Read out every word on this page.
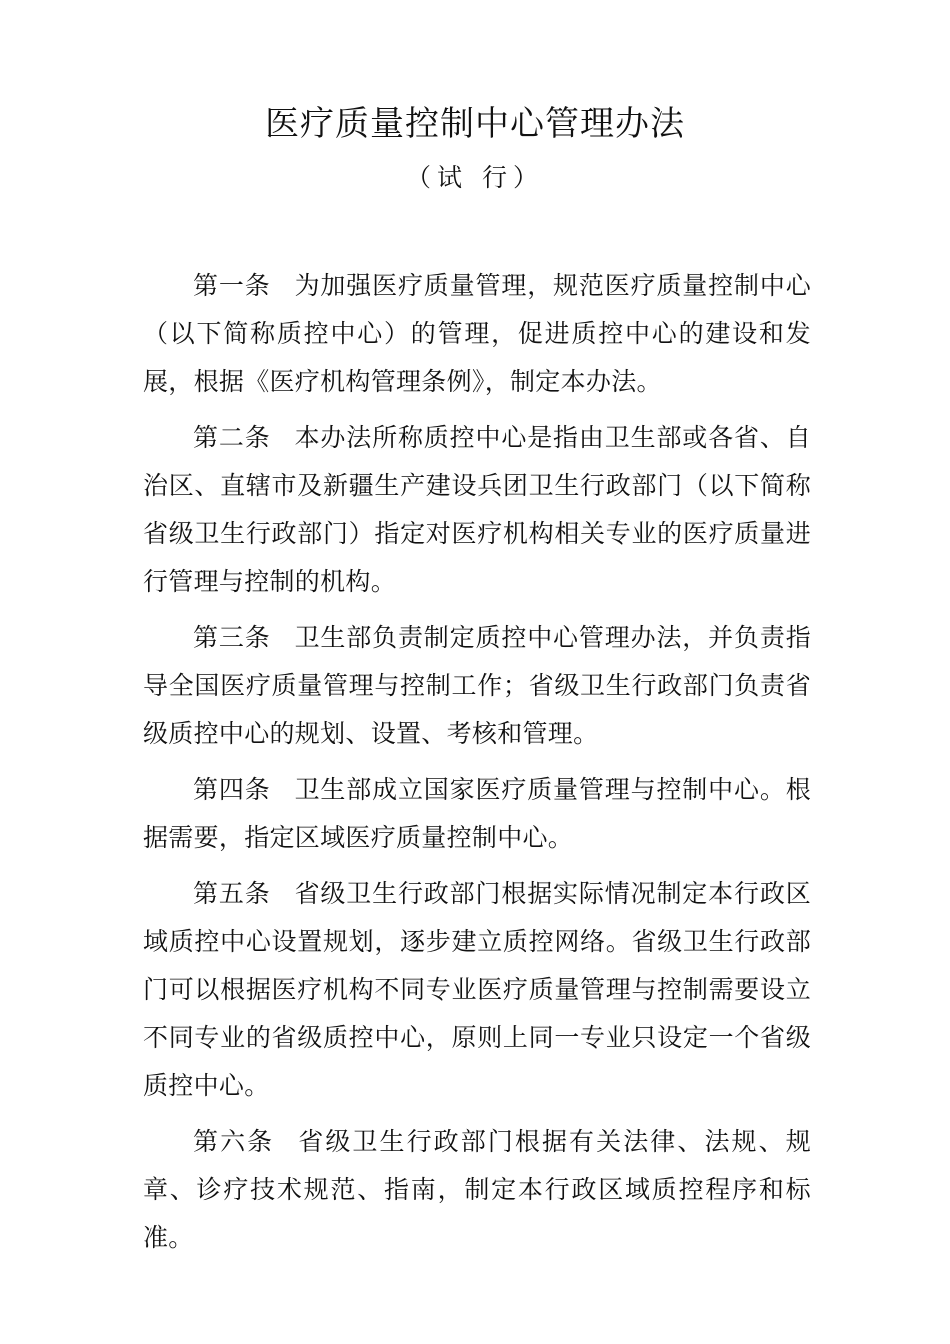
医疗质量控制中心管理办法

（试 行）

第一条 为加强医疗质量管理，规范医疗质量控制中心（以下简称质控中心）的管理，促进质控中心的建设和发展，根据《医疗机构管理条例》，制定本办法。

第二条 本办法所称质控中心是指由卫生部或各省、自治区、直辖市及新疆生产建设兵团卫生行政部门（以下简称省级卫生行政部门）指定对医疗机构相关专业的医疗质量进行管理与控制的机构。

第三条 卫生部负责制定质控中心管理办法，并负责指导全国医疗质量管理与控制工作；省级卫生行政部门负责省级质控中心的规划、设置、考核和管理。

第四条 卫生部成立国家医疗质量管理与控制中心。根据需要，指定区域医疗质量控制中心。

第五条 省级卫生行政部门根据实际情况制定本行政区域质控中心设置规划，逐步建立质控网络。省级卫生行政部门可以根据医疗机构不同专业医疗质量管理与控制需要设立不同专业的省级质控中心，原则上同一专业只设定一个省级质控中心。

第六条 省级卫生行政部门根据有关法律、法规、规章、诊疗技术规范、指南，制定本行政区域质控程序和标准。
